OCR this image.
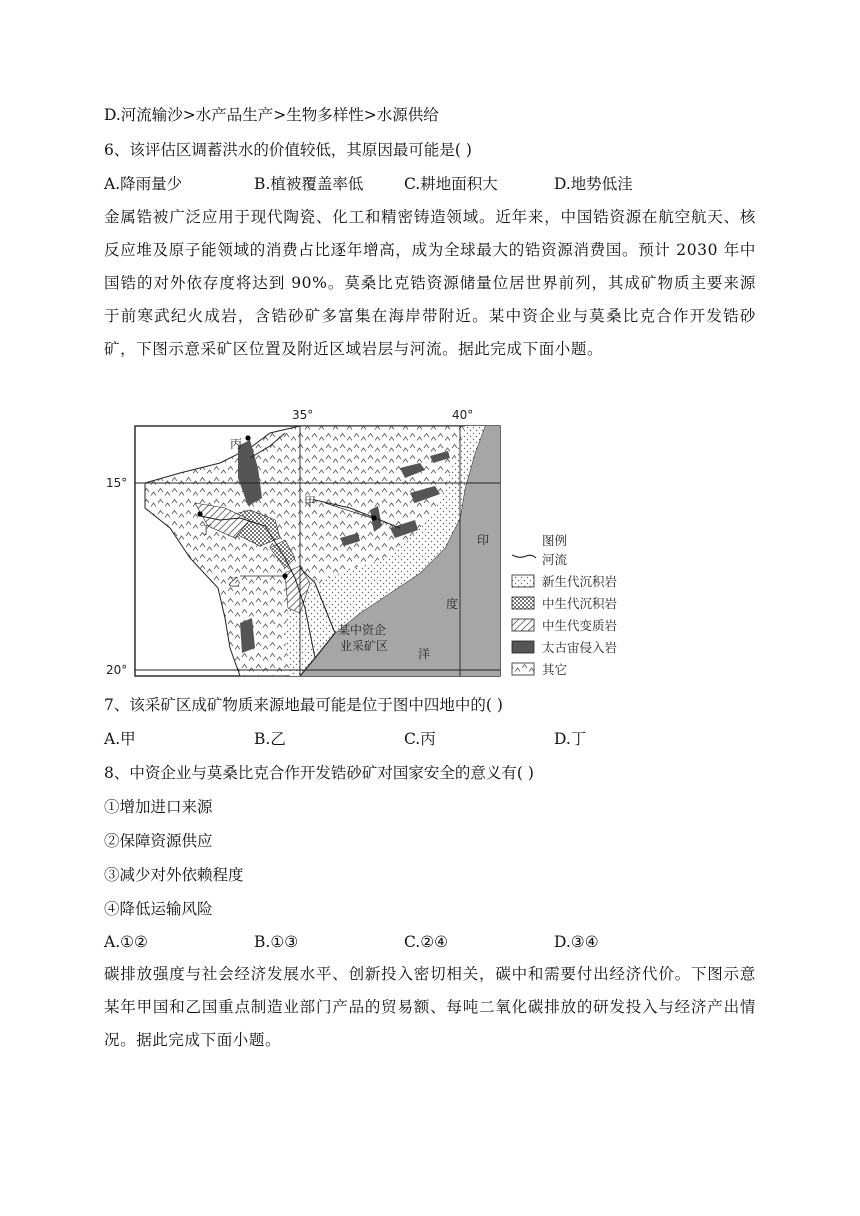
D.河流输沙>水产品生产>生物多样性>水源供给
6、该评估区调蓄洪水的价值较低，其原因最可能是( )
A.降雨量少	B.植被覆盖率低	C.耕地面积大	D.地势低洼
金属锆被广泛应用于现代陶瓷、化工和精密铸造领域。近年来，中国锆资源在航空航天、核反应堆及原子能领域的消费占比逐年增高，成为全球最大的锆资源消费国。预计 2030 年中国锆的对外依存度将达到 90%。莫桑比克锆资源储量位居世界前列，其成矿物质主要来源于前寒武纪火成岩，含锆砂矿多富集在海岸带附近。某中资企业与莫桑比克合作开发锆砂矿，下图示意采矿区位置及附近区域岩层与河流。据此完成下面小题。
35°	40°
15°
20°
丙
甲
丁
乙
印
度
洋
某中资企
业采矿区
图例
河流
新生代沉积岩
中生代沉积岩
中生代变质岩
太古宙侵入岩
其它
7、该采矿区成矿物质来源地最可能是位于图中四地中的( )
A.甲	B.乙	C.丙	D.丁
8、中资企业与莫桑比克合作开发锆砂矿对国家安全的意义有( )
①增加进口来源
②保障资源供应
③减少对外依赖程度
④降低运输风险
A.①②	B.①③	C.②④	D.③④
碳排放强度与社会经济发展水平、创新投入密切相关，碳中和需要付出经济代价。下图示意某年甲国和乙国重点制造业部门产品的贸易额、每吨二氧化碳排放的研发投入与经济产出情况。据此完成下面小题。
